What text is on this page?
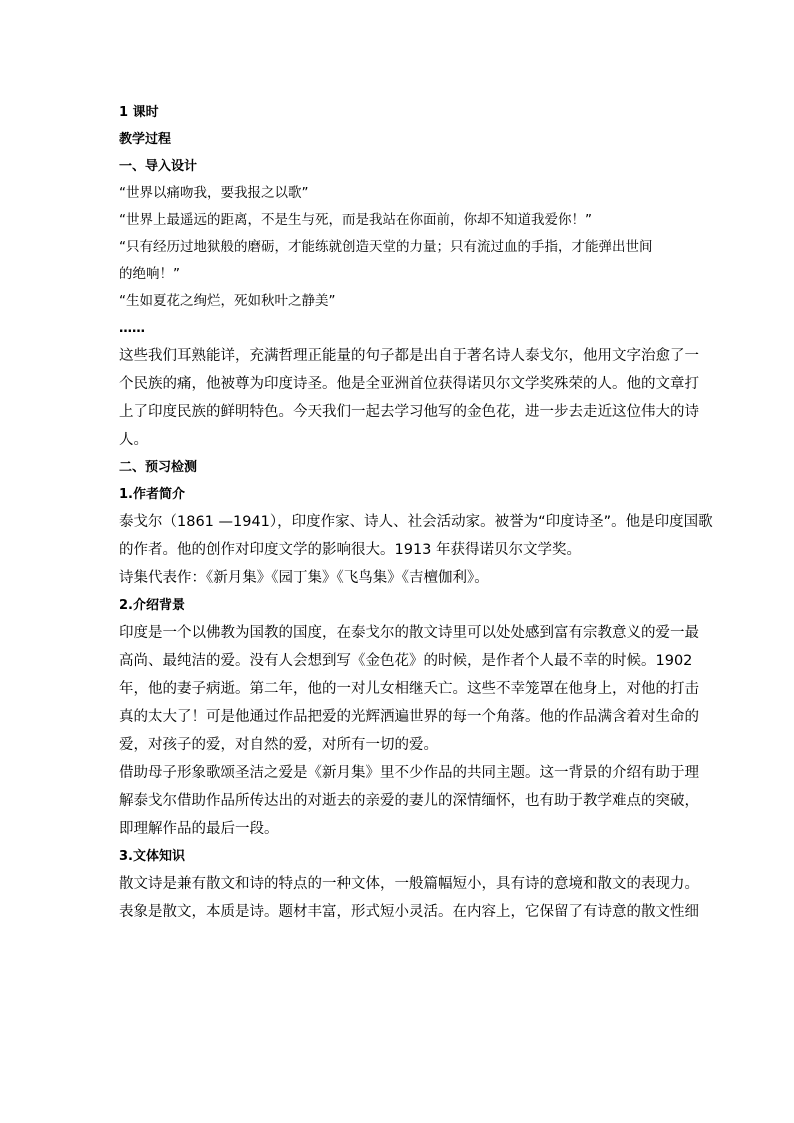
1 课时

教学过程

一、导入设计

“世界以痛吻我，要我报之以歌”

“世界上最遥远的距离，不是生与死，而是我站在你面前，你却不知道我爱你！”

“只有经历过地狱般的磨砺，才能练就创造天堂的力量；只有流过血的手指，才能弹出世间

的绝响！”

“生如夏花之绚烂，死如秋叶之静美”

……

这些我们耳熟能详，充满哲理正能量的句子都是出自于著名诗人泰戈尔，他用文字治愈了一

个民族的痛，他被尊为印度诗圣。他是全亚洲首位获得诺贝尔文学奖殊荣的人。他的文章打

上了印度民族的鲜明特色。今天我们一起去学习他写的金色花，进一步去走近这位伟大的诗

人。

二、预习检测

1.作者简介

泰戈尔（1861 —1941），印度作家、诗人、社会活动家。被誉为“印度诗圣”。他是印度国歌

的作者。他的创作对印度文学的影响很大。1913 年获得诺贝尔文学奖。

诗集代表作：《新月集》《园丁集》《飞鸟集》《吉檀伽利》。

2.介绍背景

印度是一个以佛教为国教的国度，在泰戈尔的散文诗里可以处处感到富有宗教意义的爱一最

高尚、最纯洁的爱。没有人会想到写《金色花》的时候，是作者个人最不幸的时候。1902

年，他的妻子病逝。第二年，他的一对儿女相继夭亡。这些不幸笼罩在他身上，对他的打击

真的太大了！可是他通过作品把爱的光辉洒遍世界的每一个角落。他的作品满含着对生命的

爱，对孩子的爱，对自然的爱，对所有一切的爱。

借助母子形象歌颂圣洁之爱是《新月集》里不少作品的共同主题。这一背景的介绍有助于理

解泰戈尔借助作品所传达出的对逝去的亲爱的妻儿的深情缅怀，也有助于教学难点的突破，

即理解作品的最后一段。

3.文体知识

散文诗是兼有散文和诗的特点的一种文体，一般篇幅短小，具有诗的意境和散文的表现力。

表象是散文，本质是诗。题材丰富，形式短小灵活。在内容上，它保留了有诗意的散文性细
